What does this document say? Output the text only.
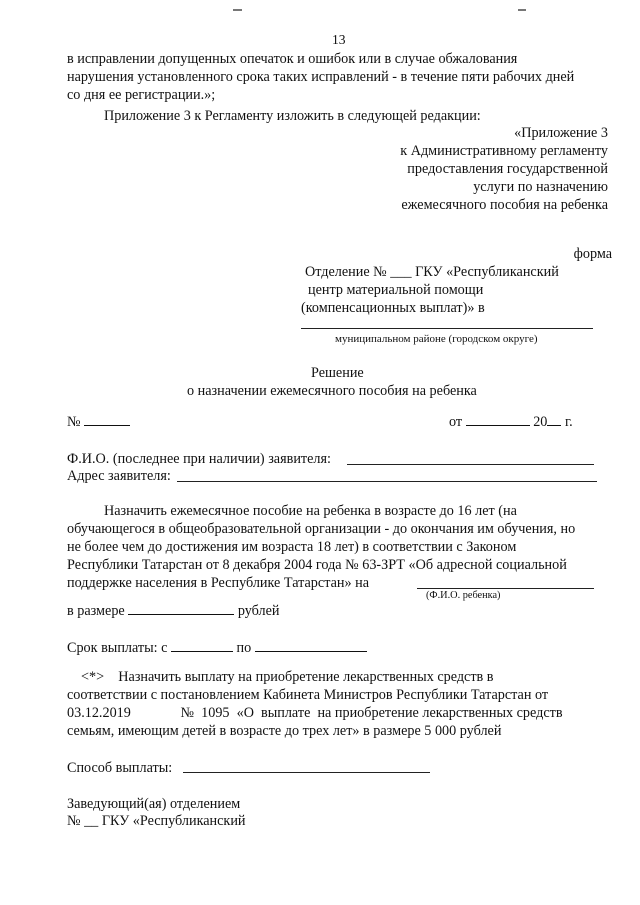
13
в исправлении допущенных опечаток и ошибок или в случае обжалования
нарушения установленного срока таких исправлений - в течение пяти рабочих дней
со дня ее регистрации.»;
Приложение 3 к Регламенту изложить в следующей редакции:
«Приложение 3
к Административному регламенту
предоставления государственной
услуги по назначению
ежемесячного пособия на ребенка
форма
Отделение № ___ ГКУ «Республиканский
центр материальной помощи
(компенсационных выплат)» в
муниципальном районе (городском округе)
Решение
о назначении ежемесячного пособия на ребенка
№	от	20 г.
Ф.И.О. (последнее при наличии) заявителя:
Адрес заявителя:
Назначить ежемесячное пособие на ребенка в возрасте до 16 лет (на
обучающегося в общеобразовательной организации - до окончания им обучения, но
не более чем до достижения им возраста 18 лет) в соответствии с Законом
Республики Татарстан от 8 декабря 2004 года № 63-ЗРТ «Об адресной социальной
поддержке населения в Республике Татарстан» на
(Ф.И.О. ребенка)
в размере	рублей
Срок выплаты: с	по
<*>    Назначить выплату на приобретение лекарственных средств в
соответствии с постановлением Кабинета Министров Республики Татарстан от
03.12.2019              №  1095  «О  выплате  на приобретение лекарственных средств
семьям, имеющим детей в возрасте до трех лет» в размере 5 000 рублей
Способ выплаты:
Заведующий(ая) отделением
№ __ ГКУ «Республиканский
